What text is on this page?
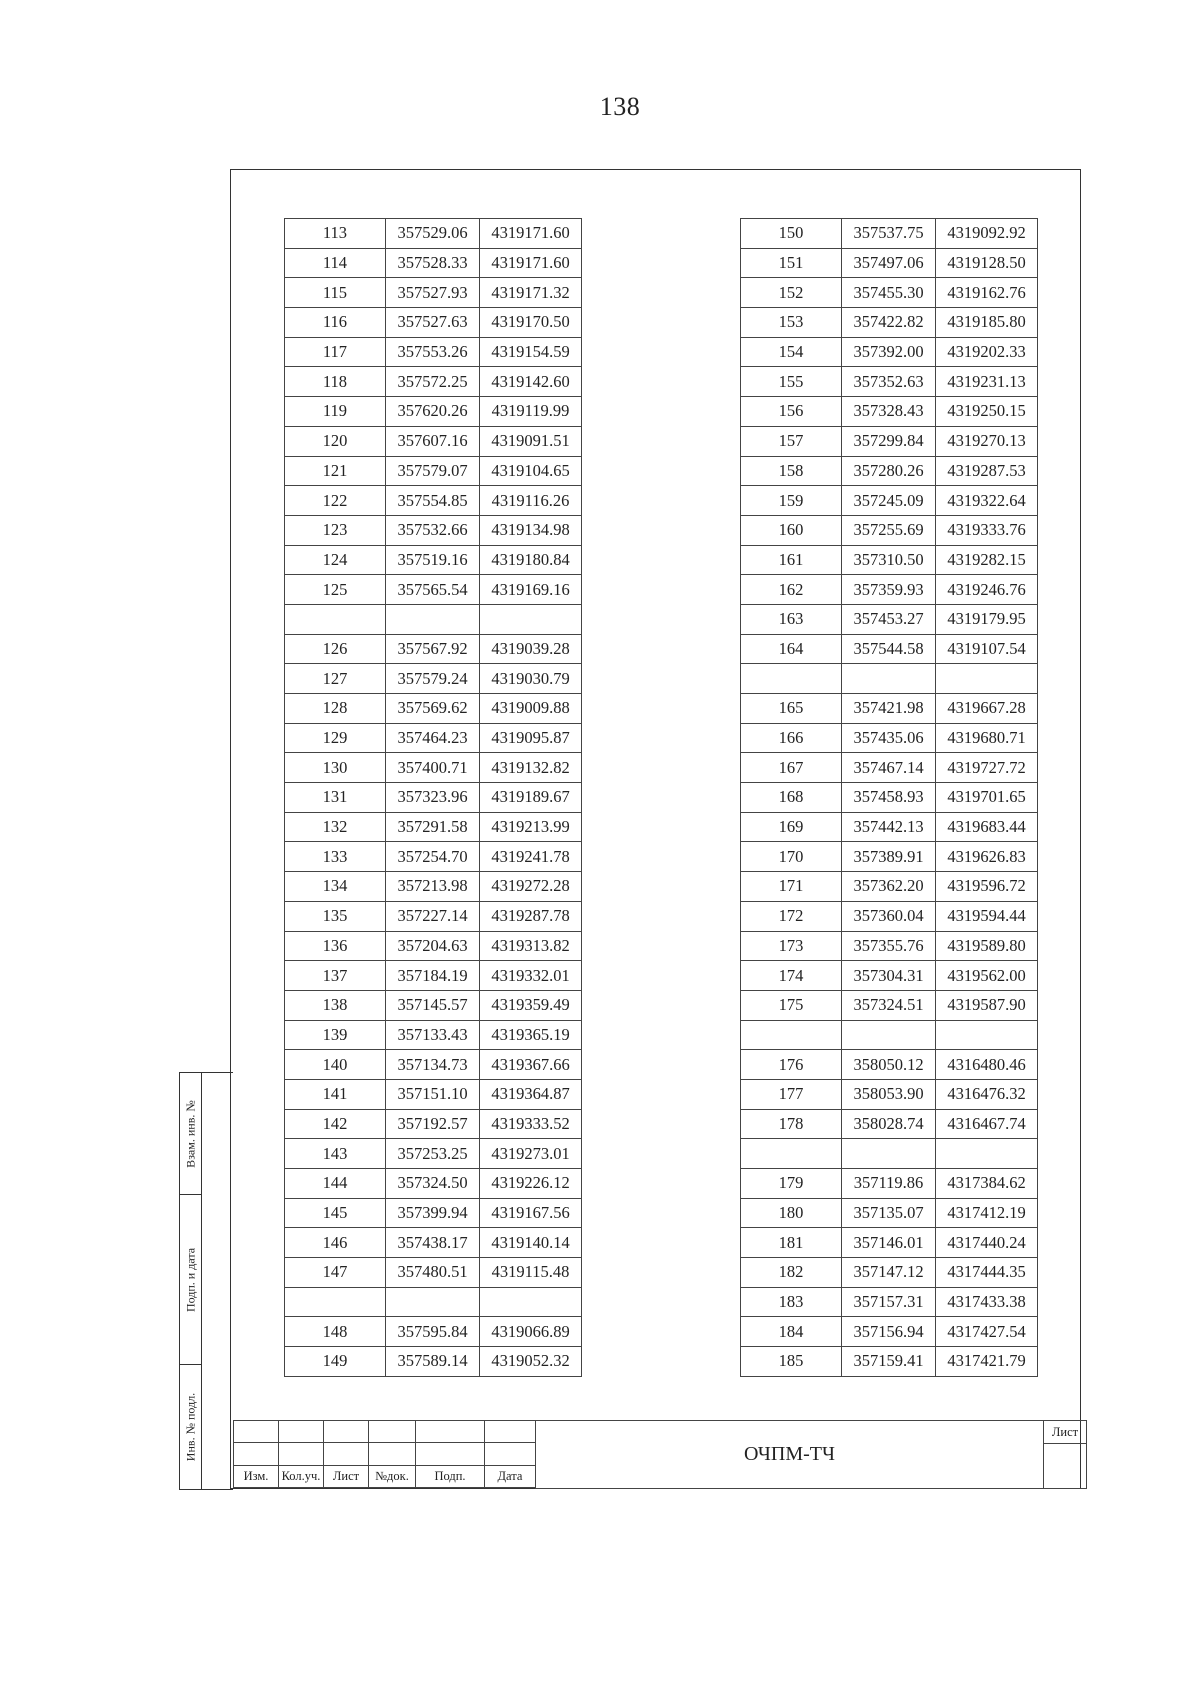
138
Взам. инв. №
Подп. и дата
Инв. № подл.
113	357529.06	4319171.60
114	357528.33	4319171.60
115	357527.93	4319171.32
116	357527.63	4319170.50
117	357553.26	4319154.59
118	357572.25	4319142.60
119	357620.26	4319119.99
120	357607.16	4319091.51
121	357579.07	4319104.65
122	357554.85	4319116.26
123	357532.66	4319134.98
124	357519.16	4319180.84
125	357565.54	4319169.16

126	357567.92	4319039.28
127	357579.24	4319030.79
128	357569.62	4319009.88
129	357464.23	4319095.87
130	357400.71	4319132.82
131	357323.96	4319189.67
132	357291.58	4319213.99
133	357254.70	4319241.78
134	357213.98	4319272.28
135	357227.14	4319287.78
136	357204.63	4319313.82
137	357184.19	4319332.01
138	357145.57	4319359.49
139	357133.43	4319365.19
140	357134.73	4319367.66
141	357151.10	4319364.87
142	357192.57	4319333.52
143	357253.25	4319273.01
144	357324.50	4319226.12
145	357399.94	4319167.56
146	357438.17	4319140.14
147	357480.51	4319115.48

148	357595.84	4319066.89
149	357589.14	4319052.32
150	357537.75	4319092.92
151	357497.06	4319128.50
152	357455.30	4319162.76
153	357422.82	4319185.80
154	357392.00	4319202.33
155	357352.63	4319231.13
156	357328.43	4319250.15
157	357299.84	4319270.13
158	357280.26	4319287.53
159	357245.09	4319322.64
160	357255.69	4319333.76
161	357310.50	4319282.15
162	357359.93	4319246.76
163	357453.27	4319179.95
164	357544.58	4319107.54

165	357421.98	4319667.28
166	357435.06	4319680.71
167	357467.14	4319727.72
168	357458.93	4319701.65
169	357442.13	4319683.44
170	357389.91	4319626.83
171	357362.20	4319596.72
172	357360.04	4319594.44
173	357355.76	4319589.80
174	357304.31	4319562.00
175	357324.51	4319587.90

176	358050.12	4316480.46
177	358053.90	4316476.32
178	358028.74	4316467.74

179	357119.86	4317384.62
180	357135.07	4317412.19
181	357146.01	4317440.24
182	357147.12	4317444.35
183	357157.31	4317433.38
184	357156.94	4317427.54
185	357159.41	4317421.79

Изм.	Кол.уч.	Лист	№док.	Подп.	Дата
ОЧПМ-ТЧ
Лист
